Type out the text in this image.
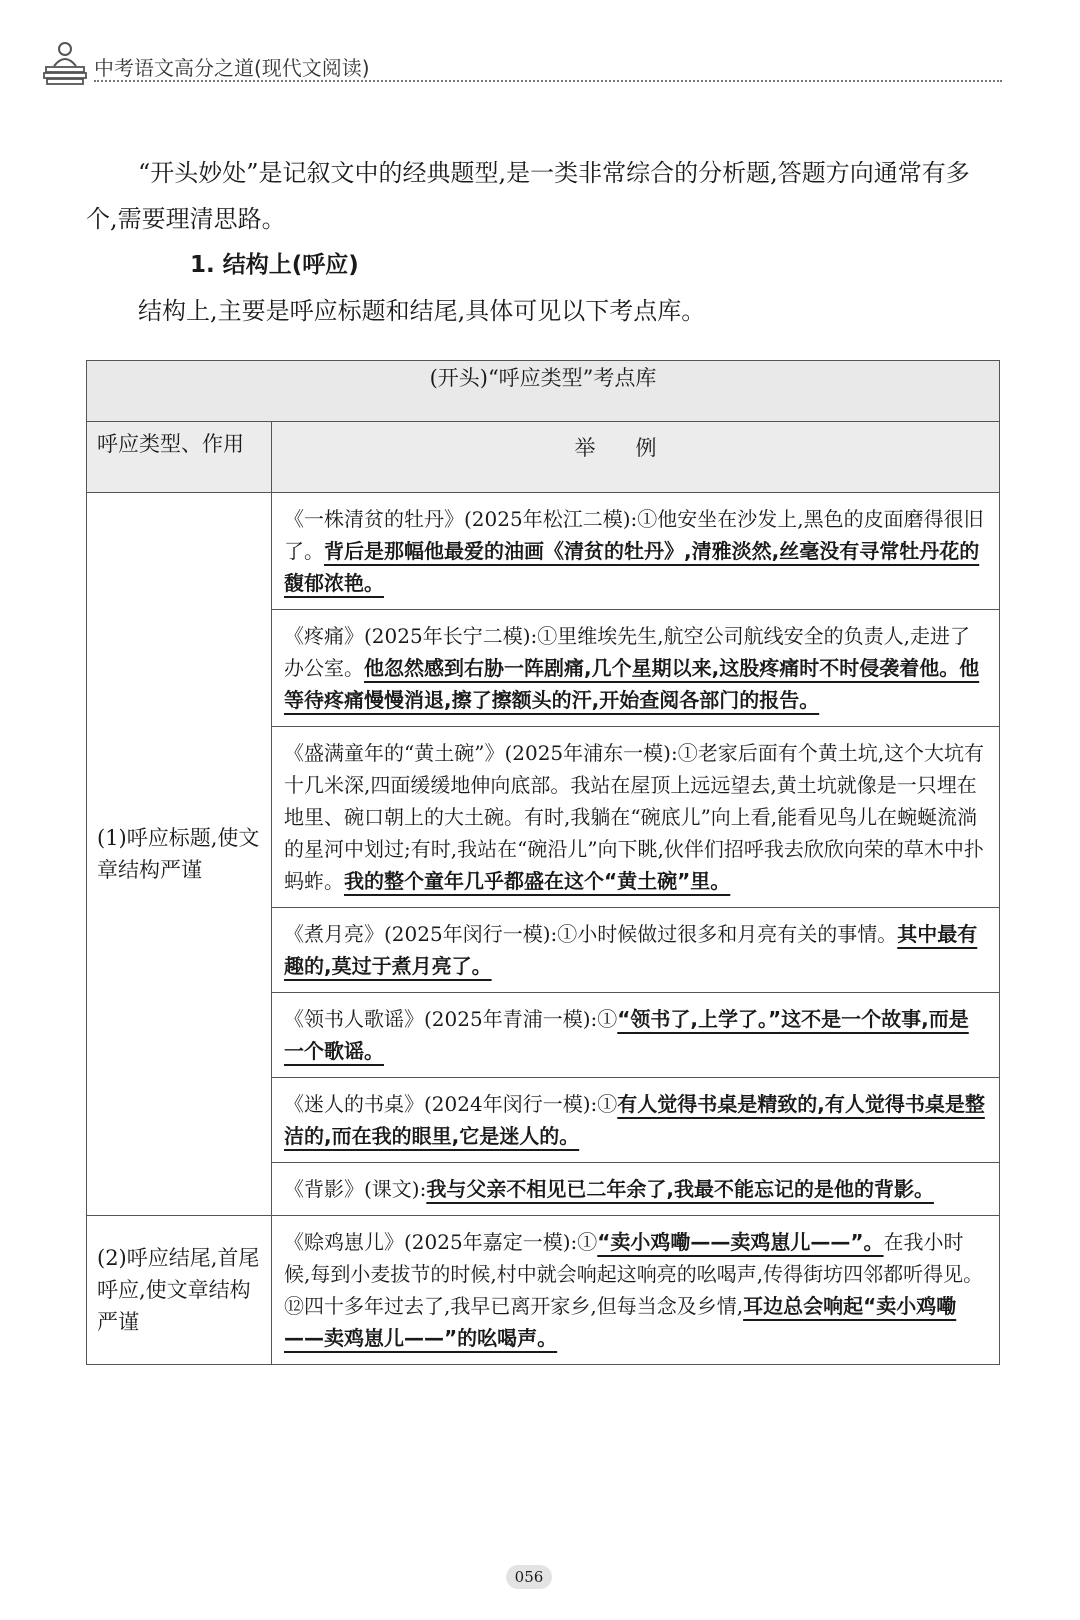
中考语文高分之道(现代文阅读)

“开头妙处”是记叙文中的经典题型,是一类非常综合的分析题,答题方向通常有多个,需要理清思路。

1. 结构上(呼应)

结构上,主要是呼应标题和结尾,具体可见以下考点库。

(开头)“呼应类型”考点库	
呼应类型、作用	举例
(1)呼应标题,使文章结构严谨	《一株清贫的牡丹》(2025年松江二模):①他安坐在沙发上,黑色的皮面磨得很旧了。背后是那幅他最爱的油画《清贫的牡丹》,清雅淡然,丝毫没有寻常牡丹花的馥郁浓艳。
	《疼痛》(2025年长宁二模):①里维埃先生,航空公司航线安全的负责人,走进了办公室。他忽然感到右胁一阵剧痛,几个星期以来,这股疼痛时不时侵袭着他。他等待疼痛慢慢消退,擦了擦额头的汗,开始查阅各部门的报告。
	《盛满童年的“黄土碗”》(2025年浦东一模):①老家后面有个黄土坑,这个大坑有十几米深,四面缓缓地伸向底部。我站在屋顶上远远望去,黄土坑就像是一只埋在地里、碗口朝上的大土碗。有时,我躺在“碗底儿”向上看,能看见鸟儿在蜿蜒流淌的星河中划过;有时,我站在“碗沿儿”向下眺,伙伴们招呼我去欣欣向荣的草木中扑蚂蚱。我的整个童年几乎都盛在这个“黄土碗”里。
	《煮月亮》(2025年闵行一模):①小时候做过很多和月亮有关的事情。其中最有趣的,莫过于煮月亮了。
	《领书人歌谣》(2025年青浦一模):①“领书了,上学了。”这不是一个故事,而是一个歌谣。
	《迷人的书桌》(2024年闵行一模):①有人觉得书桌是精致的,有人觉得书桌是整洁的,而在我的眼里,它是迷人的。
	《背影》(课文):我与父亲不相见已二年余了,我最不能忘记的是他的背影。
(2)呼应结尾,首尾呼应,使文章结构严谨	《赊鸡崽儿》(2025年嘉定一模):①“卖小鸡嘞——卖鸡崽儿——”。在我小时候,每到小麦拔节的时候,村中就会响起这响亮的吆喝声,传得街坊四邻都听得见。⑫四十多年过去了,我早已离开家乡,但每当念及乡情,耳边总会响起“卖小鸡嘞——卖鸡崽儿——”的吆喝声。
056
